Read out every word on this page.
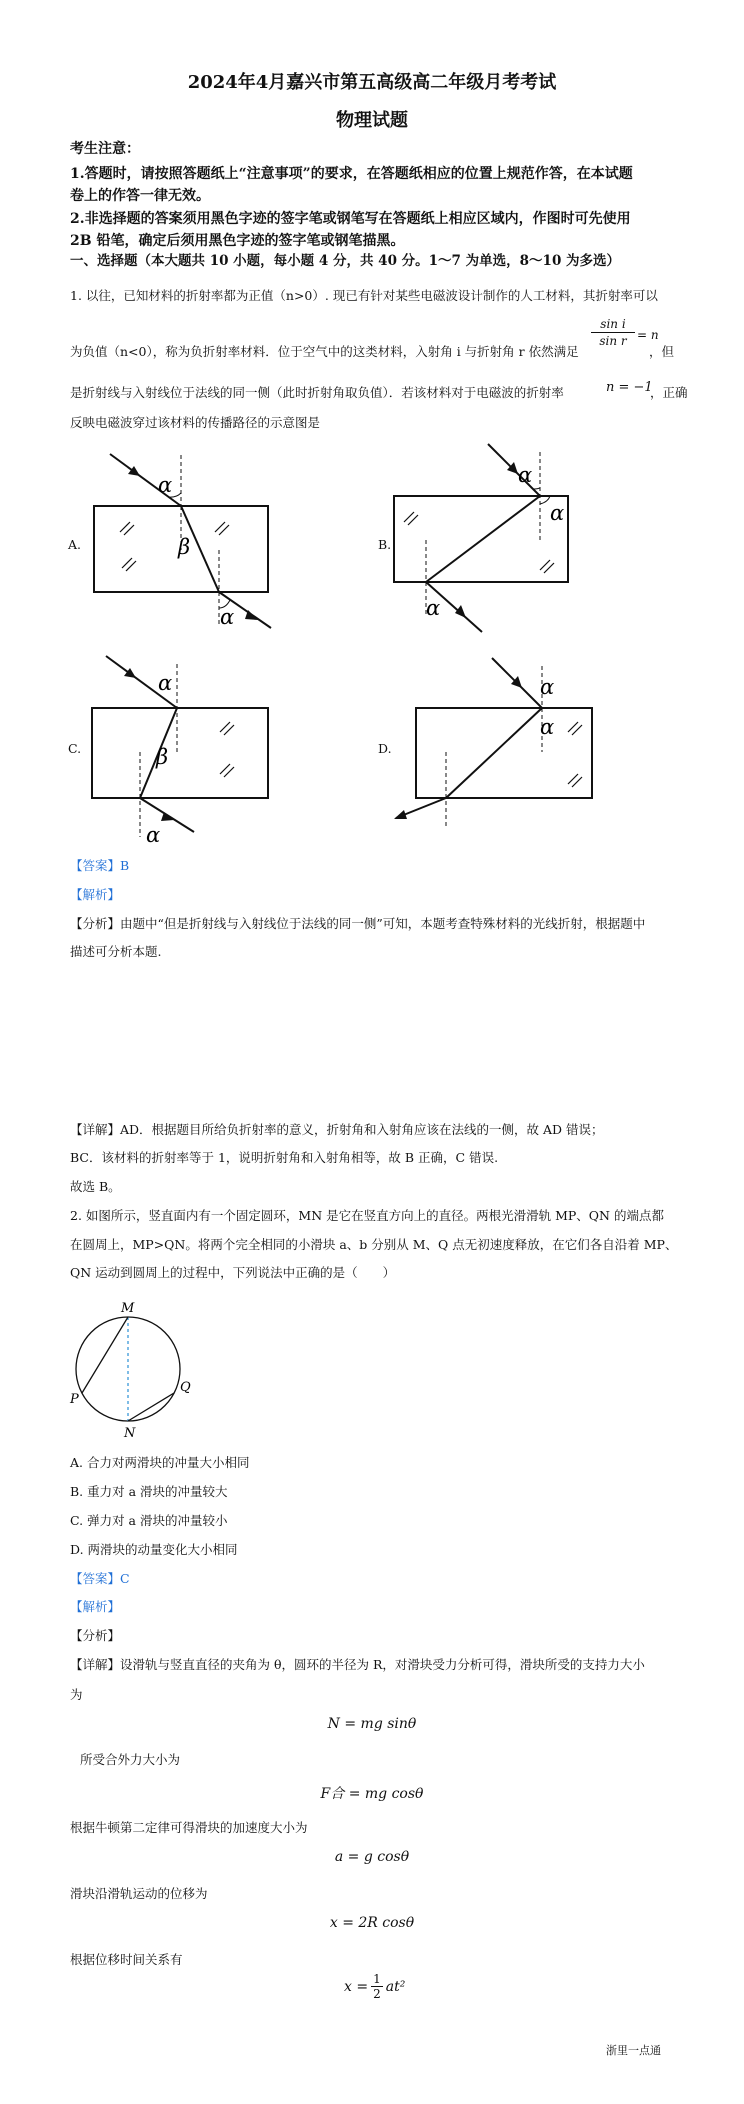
2024年4月嘉兴市第五高级高二年级月考考试
物理试题
考生注意：
1.答题时，请按照答题纸上“注意事项”的要求，在答题纸相应的位置上规范作答，在本试题
卷上的作答一律无效。
2.非选择题的答案须用黑色字迹的签字笔或钢笔写在答题纸上相应区域内，作图时可先使用
2B 铅笔，确定后须用黑色字迹的签字笔或钢笔描黑。
一、选择题（本大题共 10 小题，每小题 4 分，共 40 分。1～7 为单选，8～10 为多选）
1. 以往，已知材料的折射率都为正值（n>0）. 现已有针对某些电磁波设计制作的人工材料，其折射率可以
为负值（n<0），称为负折射率材料．位于空气中的这类材料，入射角 i 与折射角 r 依然满足
$\frac{\text{sin i}}{\text{sin r}} = n$
，但
是折射线与入射线位于法线的同一侧（此时折射角取负值）．若该材料对于电磁波的折射率	n = −1
，正确
反映电磁波穿过该材料的传播路径的示意图是
A.	B.
C.	D.
α
β
α
α
α
α
α
β
α
α
α
【答案】B
【解析】
【分析】由题中“但是折射线与入射线位于法线的同一侧”可知，本题考查特殊材料的光线折射，根据题中
描述可分析本题.
【详解】AD．根据题目所给负折射率的意义，折射角和入射角应该在法线的一侧，故 AD 错误；
BC．该材料的折射率等于 1，说明折射角和入射角相等，故 B 正确，C 错误.
故选 B。
2. 如图所示，竖直面内有一个固定圆环，MN 是它在竖直方向上的直径。两根光滑滑轨 MP、QN 的端点都
在圆周上，MP>QN。将两个完全相同的小滑块 a、b 分别从 M、Q 点无初速度释放，在它们各自沿着 MP、
QN 运动到圆周上的过程中，下列说法中正确的是（　　）
M
N
P
Q
A. 合力对两滑块的冲量大小相同
B. 重力对 a 滑块的冲量较大
C. 弹力对 a 滑块的冲量较小
D. 两滑块的动量变化大小相同
【答案】C
【解析】
【分析】
【详解】设滑轨与竖直直径的夹角为 θ，圆环的半径为 R，对滑块受力分析可得，滑块所受的支持力大小
为
N = mg sinθ
所受合外力大小为
F合 = mg cosθ
根据牛顿第二定律可得滑块的加速度大小为
a = g cosθ
滑块沿滑轨运动的位移为
x = 2R cosθ
根据位移时间关系有
$x = \frac{1}{2} at^2$
浙里一点通
